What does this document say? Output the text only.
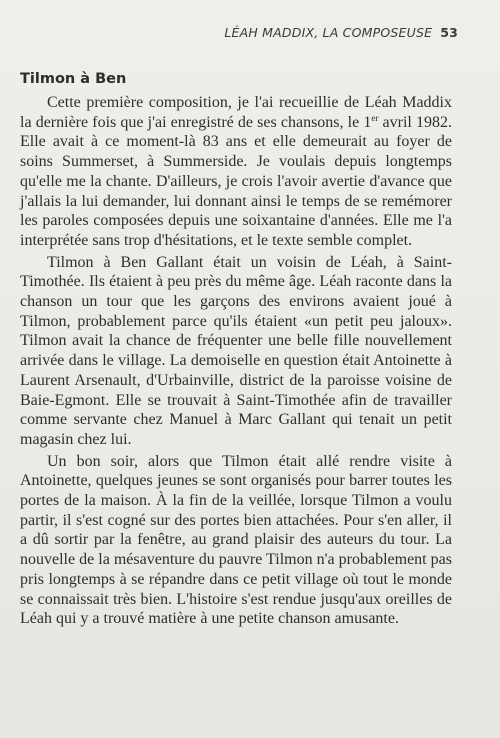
LÉAH MADDIX, LA COMPOSEUSE 53
Tilmon à Ben

Cette première composition, je l'ai recueillie de Léah Maddix la dernière fois que j'ai enregistré de ses chansons, le 1er avril 1982. Elle avait à ce moment-là 83 ans et elle demeurait au foyer de soins Summerset, à Summerside. Je voulais depuis longtemps qu'elle me la chante. D'ailleurs, je crois l'avoir avertie d'avance que j'allais la lui demander, lui donnant ainsi le temps de se remémorer les paroles composées depuis une soixantaine d'années. Elle me l'a interprétée sans trop d'hésitations, et le texte semble complet.

Tilmon à Ben Gallant était un voisin de Léah, à Saint-Timothée. Ils étaient à peu près du même âge. Léah raconte dans la chanson un tour que les garçons des environs avaient joué à Tilmon, probablement parce qu'ils étaient «un petit peu jaloux». Tilmon avait la chance de fréquenter une belle fille nouvellement arrivée dans le village. La demoiselle en question était Antoinette à Laurent Arsenault, d'Urbainville, district de la paroisse voisine de Baie-Egmont. Elle se trouvait à Saint-Timothée afin de travailler comme servante chez Manuel à Marc Gallant qui tenait un petit magasin chez lui.

Un bon soir, alors que Tilmon était allé rendre visite à Antoinette, quelques jeunes se sont organisés pour barrer toutes les portes de la maison. À la fin de la veillée, lorsque Tilmon a voulu partir, il s'est cogné sur des portes bien attachées. Pour s'en aller, il a dû sortir par la fenêtre, au grand plaisir des auteurs du tour. La nouvelle de la mésaventure du pauvre Tilmon n'a probablement pas pris longtemps à se répandre dans ce petit village où tout le monde se connaissait très bien. L'histoire s'est rendue jusqu'aux oreilles de Léah qui y a trouvé matière à une petite chanson amusante.
